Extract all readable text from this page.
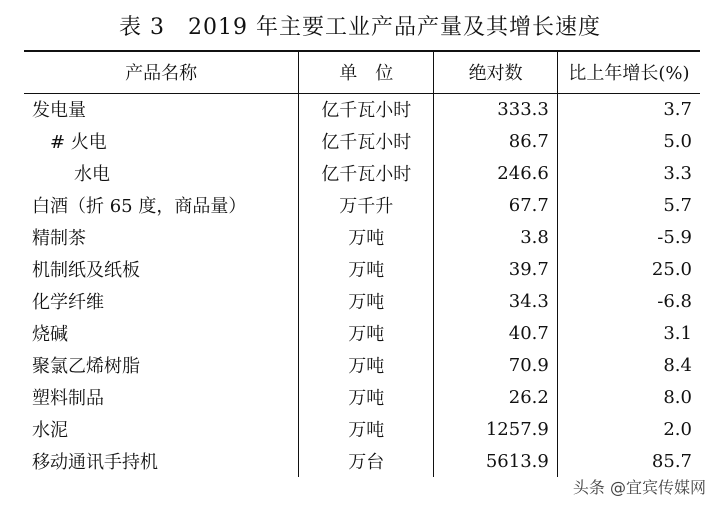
表 3　2019 年主要工业产品产量及其增长速度
产品名称	单　位	绝对数	比上年增长(%)
发电量	亿千瓦小时	333.3	3.7
# 火电	亿千瓦小时	86.7	5.0
水电	亿千瓦小时	246.6	3.3
白酒（折 65 度，商品量）	万千升	67.7	5.7
精制茶	万吨	3.8	-5.9
机制纸及纸板	万吨	39.7	25.0
化学纤维	万吨	34.3	-6.8
烧碱	万吨	40.7	3.1
聚氯乙烯树脂	万吨	70.9	8.4
塑料制品	万吨	26.2	8.0
水泥	万吨	1257.9	2.0
移动通讯手持机	万台	5613.9	85.7
头条 @宜宾传媒网
